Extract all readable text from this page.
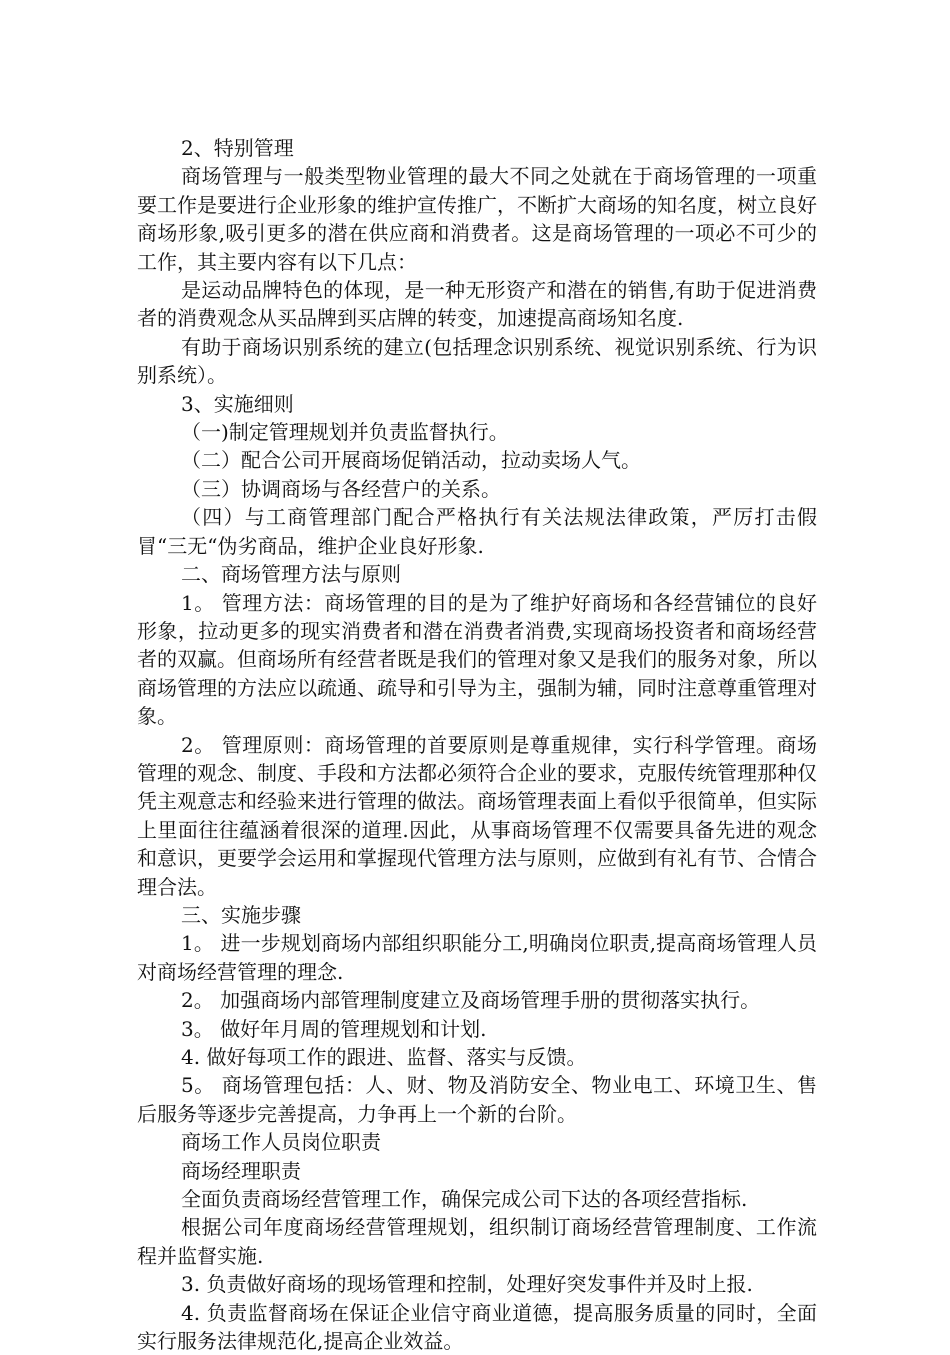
2、特别管理

商场管理与一般类型物业管理的最大不同之处就在于商场管理的一项重要工作是要进行企业形象的维护宣传推广，不断扩大商场的知名度，树立良好商场形象,吸引更多的潜在供应商和消费者。这是商场管理的一项必不可少的工作，其主要内容有以下几点：

是运动品牌特色的体现，是一种无形资产和潜在的销售,有助于促进消费者的消费观念从买品牌到买店牌的转变，加速提高商场知名度.

有助于商场识别系统的建立(包括理念识别系统、视觉识别系统、行为识别系统）。

3、实施细则

（一)制定管理规划并负责监督执行。

（二）配合公司开展商场促销活动，拉动卖场人气。

（三）协调商场与各经营户的关系。

（四）与工商管理部门配合严格执行有关法规法律政策，严厉打击假冒“三无“伪劣商品，维护企业良好形象.

二、商场管理方法与原则

1。 管理方法：商场管理的目的是为了维护好商场和各经营铺位的良好形象，拉动更多的现实消费者和潜在消费者消费,实现商场投资者和商场经营者的双赢。但商场所有经营者既是我们的管理对象又是我们的服务对象，所以商场管理的方法应以疏通、疏导和引导为主，强制为辅，同时注意尊重管理对象。

2。 管理原则：商场管理的首要原则是尊重规律，实行科学管理。商场管理的观念、制度、手段和方法都必须符合企业的要求，克服传统管理那种仅凭主观意志和经验来进行管理的做法。商场管理表面上看似乎很简单，但实际上里面往往蕴涵着很深的道理.因此，从事商场管理不仅需要具备先进的观念和意识，更要学会运用和掌握现代管理方法与原则，应做到有礼有节、合情合理合法。

三、实施步骤

1。 进一步规划商场内部组织职能分工,明确岗位职责,提高商场管理人员对商场经营管理的理念.

2。 加强商场内部管理制度建立及商场管理手册的贯彻落实执行。

3。 做好年月周的管理规划和计划.

4. 做好每项工作的跟进、监督、落实与反馈。

5。 商场管理包括：人、财、物及消防安全、物业电工、环境卫生、售后服务等逐步完善提高，力争再上一个新的台阶。

商场工作人员岗位职责

商场经理职责

全面负责商场经营管理工作，确保完成公司下达的各项经营指标.

根据公司年度商场经营管理规划，组织制订商场经营管理制度、工作流程并监督实施.

3. 负责做好商场的现场管理和控制，处理好突发事件并及时上报.

4. 负责监督商场在保证企业信守商业道德，提高服务质量的同时，全面实行服务法律规范化,提高企业效益。
